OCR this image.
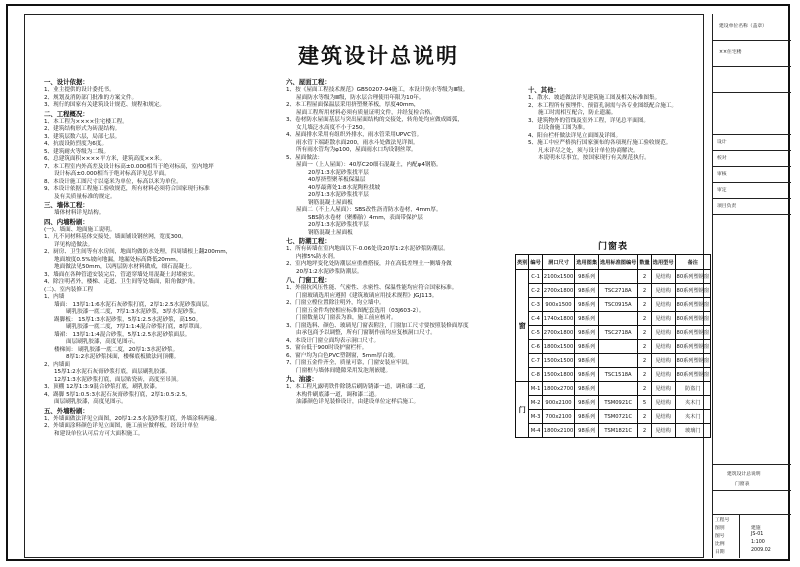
建筑设计总说明
一、设计依据：
1、业主提供的设计委托书。
2、规划及消防部门批准的方案文件。
3、现行的国家有关建筑设计规范、规程和规定。
二、工程概况：
1、本工程为××××住宅楼工程。
2、建筑结构形式为砖混结构。
3、建筑层数六层，局部七层。
4、抗震设防烈度为6度。
5、建筑耐火等级为二级。
6、总建筑面积××××平方米，建筑高度××米。
7、本工程室内外高差及设计标高±0.000相当于绝对标高，室内地坪
设计标高±0.000相当于绝对标高详见总平面。
8、本设计施工图尺寸以毫米为单位，标高以米为单位。
9、本设计依据工程施工验收规范，所有材料必须符合国家现行标准
及有关质量标准的规定。
三、墙体工程：
墙体材料详见结构。
四、内墙粉刷：
(一)、墙面、地面施工说明。
1、凡不同材料基体交接处，墙面铺设钢丝网，宽度300。
详见构造做法。
2、厨房、卫生间等有水房间，地面均做防水处理，四周墙根上翻200mm，
地面坡度0.5%坡向地漏，地漏处标高降低20mm。
地面做法见50mm，以两层防水材料做成，细石混凝土。
3、墙面在各种管道安装完后，管道穿墙处用混凝土封堵密实。
4、除注明者外，楼梯、走道、卫生间等处墙面，阳角做护角。
(二)、室内装修工程
1、内墙
墙面： 13厚1:1:6水泥石灰砂浆打底，2厚1:2.5水泥砂浆面层。
刷乳胶漆一底二度，7厚1:3水泥砂浆，3厚水泥砂浆。
踢脚板： 15厚1:3水泥砂浆，5厚1:2.5水泥砂浆，高150。
刷乳胶漆一底二度，7厚1:1:4混合砂浆打底，8厚罩面。
墙裙： 13厚1:1:4混合砂浆，5厚1:2.5水泥砂浆面层。
面层刷乳胶漆，高度见图示。
楼梯间： 刷乳胶漆一底二度，20厚1:3水泥砂浆。
8厚1:2水泥砂浆抹面，楼梯底板做法同顶棚。
2、内墙面
15厚1:2水泥石灰膏砂浆打底，面层刷乳胶漆。
12厚1:3水泥砂浆打底，面层贴瓷砖，高度至吊顶。
3、顶棚 12厚1:3:9混合砂浆打底，刷乳胶漆。
4、踢脚 5厚1:0.5:3水泥石灰膏砂浆打底，2厚1:0.5:2.5。
面层刷乳胶漆，高度见图示。
五、外墙粉刷：
1、外墙面做法详见立面图，20厚1:2.5水泥砂浆打底，外墙涂料两遍。
2、外墙面涂料颜色详见立面图，施工前应做样板，经设计单位
和建设单位认可后方可大面积施工。
六、屋面工程：
1、按《屋面工程技术规范》GB50207-94施工，本设计防水等级为Ⅲ级。
屋面防水等级为Ⅲ级，防水层合理使用年限为10年。
2、本工程屋面保温层采用挤塑聚苯板，厚度40mm，
屋面工程所用材料必须有质量证明文件，并经复检合格。
3、卷材防水屋面基层与突出屋面结构的交接处，转角处均应做成圆弧，
女儿墙泛水高度不小于250。
4、屋面排水采用有组织外排水，雨水管采用UPVC管。
雨水管下端距散水面200，雨水斗处做法见详图。
所有雨水管均为φ100，屋面雨水口均设钢丝罩。
5、屋面做法：
屋面一（上人屋面）：40厚C20细石混凝土，内配φ4钢筋。
20厚1:3水泥砂浆找平层
40厚挤塑聚苯板保温层
40厚最薄处1:8水泥陶粒找坡
20厚1:3水泥砂浆找平层
钢筋混凝土屋面板
屋面二（不上人屋面）：SBS改性沥青防水卷材，4mm厚。
SBS防水卷材（聚酯胎）4mm，表面带保护层
20厚1:3水泥砂浆找平层
钢筋混凝土屋面板
七、防潮工程：
1、所有砖墙在室内地面以下-0.06处设20厚1:2水泥砂浆防潮层。
内掺5%防水剂。
2、室内地坪变化处防潮层应重叠搭接，并在高低差埋土一侧墙身做
20厚1:2水泥砂浆防潮层。
八、门窗工程：
1、外窗抗风压性能、气密性、水密性、保温性能均应符合国家标准。
门窗玻璃选用应遵照《建筑玻璃应用技术规程》JGJ113。
2、门窗立樘位置除注明外，均立墙中。
门窗五金件均按相应标准图配套选用（03J603-2）。
门窗数量以门窗表为准，施工前应核对。
3、门窗选料、颜色、玻璃见门窗表附注，门窗加工尺寸要按照装修面厚度
由承包商予以调整，所有门窗制作前均应复核洞口尺寸。
4、本设计门窗立面均表示洞口尺寸。
5、窗台低于900时设护窗栏杆。
6、窗户均为白色PVC塑钢窗，5mm厚白玻。
7、门窗五金件齐全，质量可靠，门窗安装应牢固。
门窗框与墙体间缝隙采用发泡剂嵌缝。
九、油漆：
1、本工程凡露明铁件除锈后刷防锈漆一道，调和漆二道，
木构件刷底漆一道，调和漆二道。
油漆颜色详见装修设计，由建设单位定样后施工。
十、其他：
1、散水、坡道做法详见建筑施工图及相关标准图集。
2、本工程所有预埋件、预留孔洞需与各专业图纸配合施工。
施工时需相互配合，防止遗漏。
3、建筑物外的管线及室外工程，详见总平面图。
以设备施工图为准。
4、阳台栏杆做法详见立面图及详图。
5、施工中应严格执行国家颁布的各项现行施工验收规范。
凡未详尽之处，须与设计单位协商解决。
本说明未尽事宜，按国家现行有关规范执行。
门窗表
类别	编号	洞口尺寸	选用图集	选用标准图编号	数量	选用型号	备注
窗	C-1	2100x1500	98系列		2	见结构	80系列塑钢窗
	C-2	2700x1800	98系列	TSC2718A	2	见结构	80系列塑钢窗
	C-3	900x1500	98系列	TSC0915A	2	见结构	80系列塑钢窗
	C-4	1740x1800	98系列		2	见结构	80系列塑钢窗
	C-5	2700x1800	98系列	TSC2718A	2	见结构	80系列塑钢窗
	C-6	1800x1500	98系列		2	见结构	80系列塑钢窗
	C-7	1500x1500	98系列		2	见结构	80系列塑钢窗
	C-8	1500x1800	98系列	TSC1518A	2	见结构	80系列塑钢窗
门	M-1	1800x2700	98系列		2	见结构	防盗门
	M-2	900x2100	98系列	TSM0921C	5	见结构	夹木门
	M-3	700x2100	98系列	TSM0721C	2	见结构	夹木门
	M-4	1800x2100	98系列	TSM1821C	2	见结构	玻璃门
建设单位名称（盖章）
××住宅楼
设计
校对
审核
审定
项目负责
建筑设计总说明
门窗表
工程号
图别	建施
图号	JS-01
比例	1:100
日期	2009.02
